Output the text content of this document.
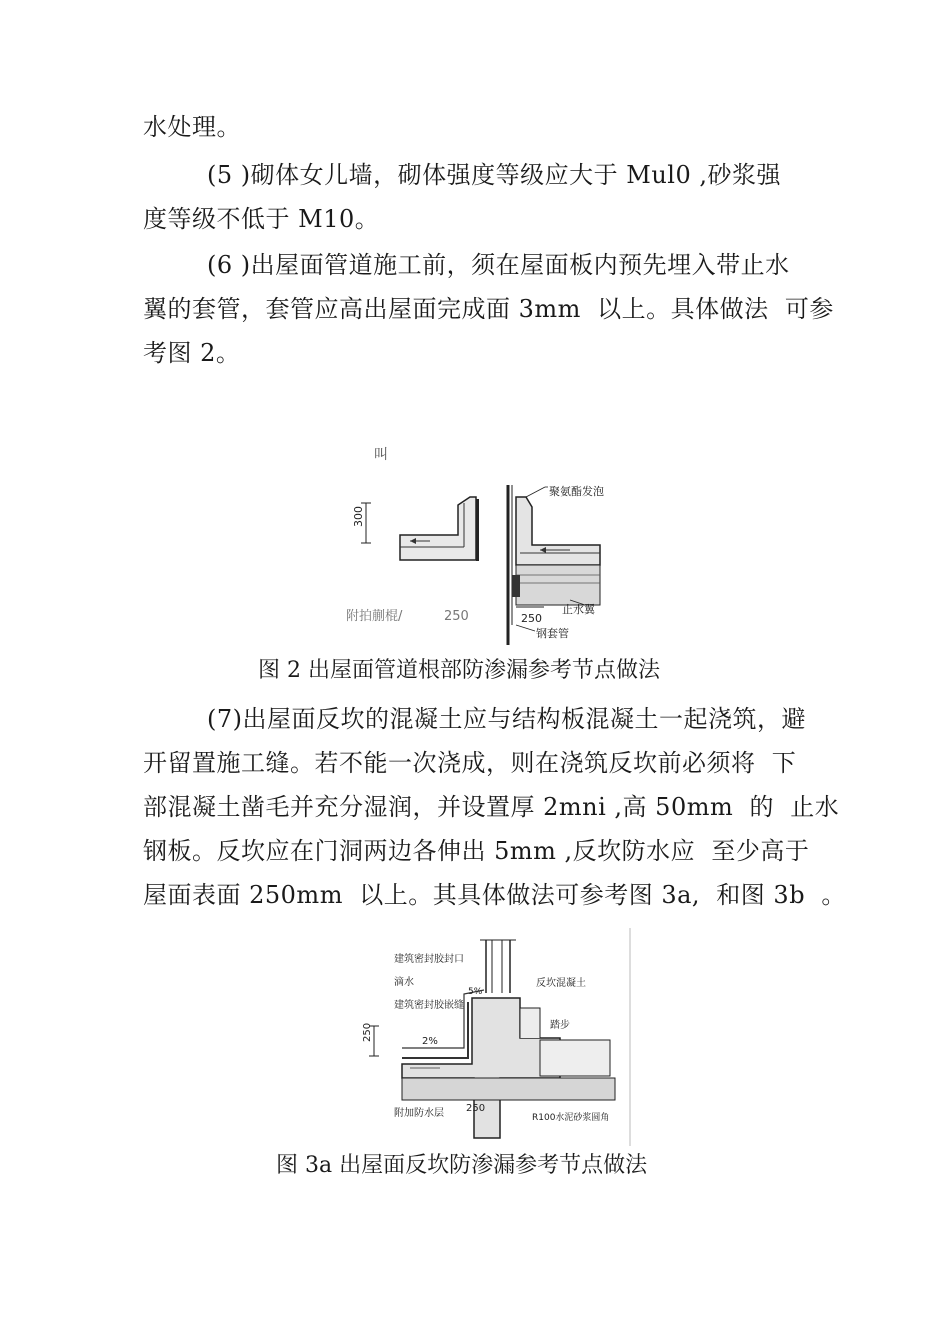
水处理。
(5 )砌体女儿墙，砌体强度等级应大于 Mul0 ,砂浆强
度等级不低于 M10。
(6 )出屋面管道施工前，须在屋面板内预先埋入带止水
翼的套管，套管应高出屋面完成面 3mm  以上。具体做法  可参
考图 2。
叫
300
聚氨酯发泡
止水翼
250
钢套管
附拍蒯棍/	250
图 2 出屋面管道根部防渗漏参考节点做法
(7)出屋面反坎的混凝土应与结构板混凝土一起浇筑，避
开留置施工缝。若不能一次浇成，则在浇筑反坎前必须将  下
部混凝土凿毛并充分湿润，并设置厚 2mni ,高 50mm  的  止水
钢板。反坎应在门洞两边各伸出 5mm ,反坎防水应  至少高于
屋面表面 250mm  以上。其具体做法可参考图 3a,  和图 3b  。
250
建筑密封胶封口
滴水
建筑密封胶嵌缝
5%
2%
反坎混凝土
踏步
附加防水层 250
R100水泥砂浆圆角
图 3a 出屋面反坎防渗漏参考节点做法
